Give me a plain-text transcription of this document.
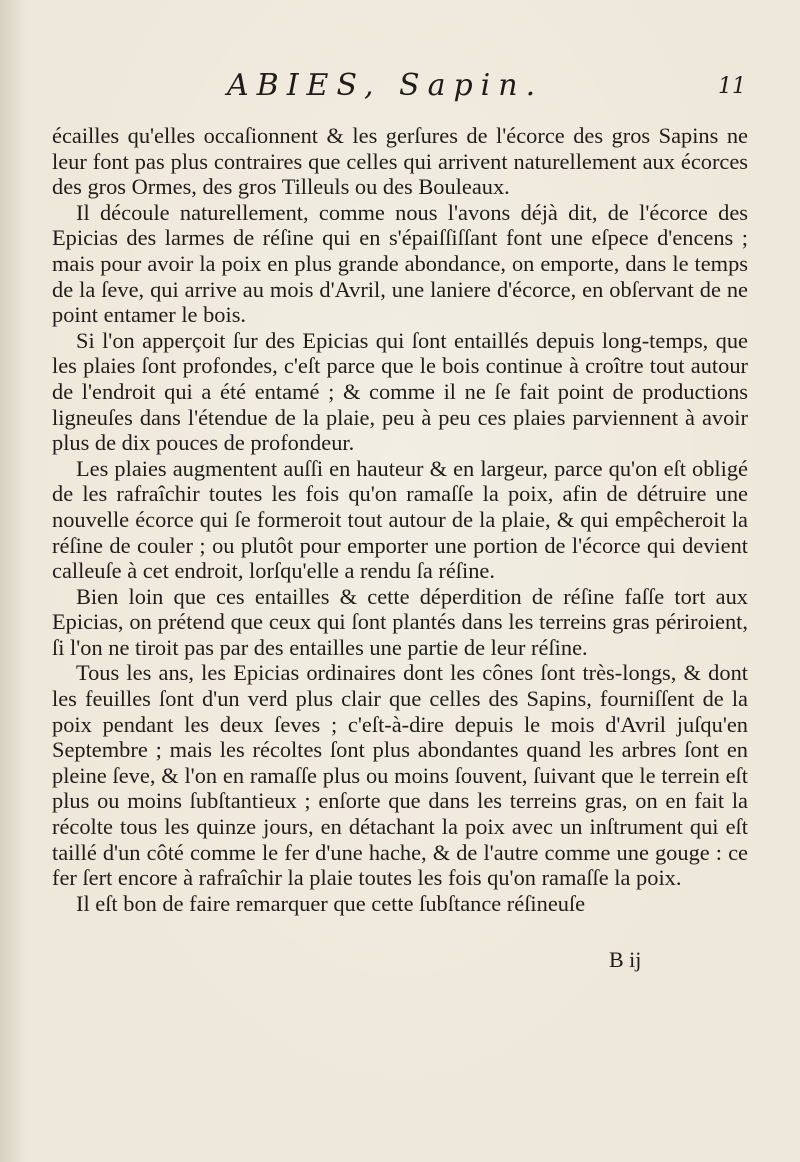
ABIES, Sapin.	11

écailles qu'elles occaſionnent & les gerſures de l'écorce des gros Sapins ne leur font pas plus contraires que celles qui arrivent naturellement aux écorces des gros Ormes, des gros Tilleuls ou des Bouleaux.

Il découle naturellement, comme nous l'avons déjà dit, de l'écorce des Epicias des larmes de réſine qui en s'épaiſſiſſant font une eſpece d'encens ; mais pour avoir la poix en plus grande abondance, on emporte, dans le temps de la ſeve, qui arrive au mois d'Avril, une laniere d'écorce, en obſervant de ne point entamer le bois.

Si l'on apperçoit ſur des Epicias qui ſont entaillés depuis long-temps, que les plaies ſont profondes, c'eſt parce que le bois continue à croître tout autour de l'endroit qui a été entamé ; & comme il ne ſe fait point de productions ligneuſes dans l'étendue de la plaie, peu à peu ces plaies parviennent à avoir plus de dix pouces de profondeur.

Les plaies augmentent auſſi en hauteur & en largeur, parce qu'on eſt obligé de les rafraîchir toutes les fois qu'on ramaſſe la poix, afin de détruire une nouvelle écorce qui ſe formeroit tout autour de la plaie, & qui empêcheroit la réſine de couler ; ou plutôt pour emporter une portion de l'écorce qui devient calleuſe à cet endroit, lorſqu'elle a rendu ſa réſine.

Bien loin que ces entailles & cette déperdition de réſine faſſe tort aux Epicias, on prétend que ceux qui ſont plantés dans les terreins gras périroient, ſi l'on ne tiroit pas par des entailles une partie de leur réſine.

Tous les ans, les Epicias ordinaires dont les cônes ſont très-longs, & dont les feuilles ſont d'un verd plus clair que celles des Sapins, fourniſſent de la poix pendant les deux ſeves ; c'eſt-à-dire depuis le mois d'Avril juſqu'en Septembre ; mais les récoltes ſont plus abondantes quand les arbres ſont en pleine ſeve, & l'on en ramaſſe plus ou moins ſouvent, ſuivant que le terrein eſt plus ou moins ſubſtantieux ; enſorte que dans les terreins gras, on en fait la récolte tous les quinze jours, en détachant la poix avec un inſtrument qui eſt taillé d'un côté comme le fer d'une hache, & de l'autre comme une gouge : ce fer ſert encore à rafraîchir la plaie toutes les fois qu'on ramaſſe la poix.

Il eſt bon de faire remarquer que cette ſubſtance réſineuſe

B ij
